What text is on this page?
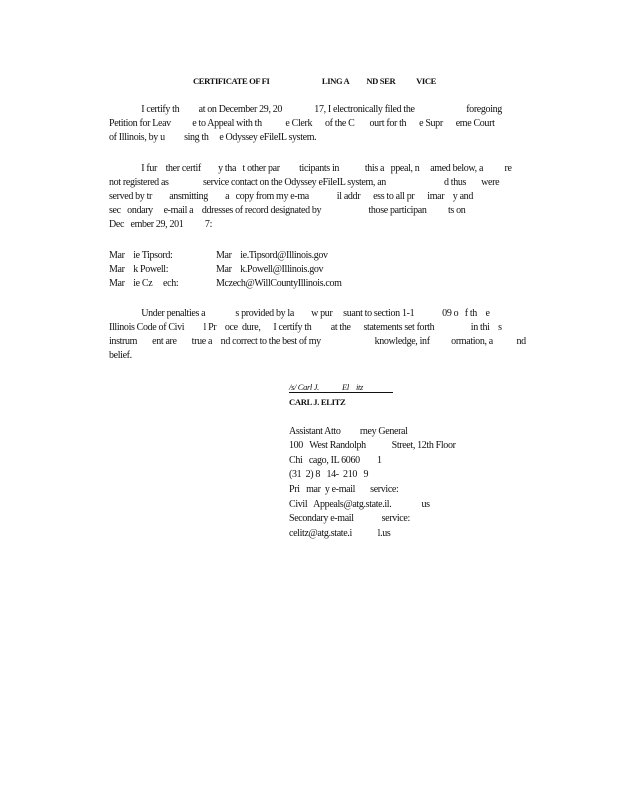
CERTIFICATE OF FI                              LING A          ND SER            VICE
I certify th         at on December 29, 20               17, I electronically filed the                        foregoing
Petition for Leav          e to Appeal with th           e Clerk      of the C       ourt for th      e Supr      eme Court
of Illinois, by u         sing th     e Odyssey eFileIL system.
I fur    ther certif        y tha   t other par         ticipants in            this a   ppeal, n     amed below, a          re
not registered as                service contact on the Odyssey eFileIL system, an                           d thus       were
served by tr        ansmitting        a   copy from my e-ma             il addr      ess to all pr      imar    y and
sec   ondary     e-mail a    ddresses of record designated by                      those participan          ts on
Dec   ember 29, 201          7:
Mar    ie Tipsord:	Mar    ie.Tipsord@Illinois.gov
Mar    k Powell:	Mar    k.Powell@Illinois.gov
Mar    ie Cz     ech:	Mczech@WillCountyIllinois.com
Under penalties a              s provided by la        w pur     suant to section 1-1             09 o   f th    e
Illinois Code of Civi         l Pr    oce  dure,      I certify th         at the      statements set forth                 in thi    s
instrum       ent are       true a    nd correct to the best of my                         knowledge, inf          ormation, a           nd
belief.
/s/ Carl J.             El    itz
CARL J. ELITZ
Assistant Atto         rney General
100   West Randolph            Street, 12th Floor
Chi   cago, IL 6060        1
(31  2) 8   14-  210   9
Pri   mar  y e-mail       service:
Civil   Appeals@atg.state.il.              us
Secondary e-mail             service:
celitz@atg.state.i            l.us
